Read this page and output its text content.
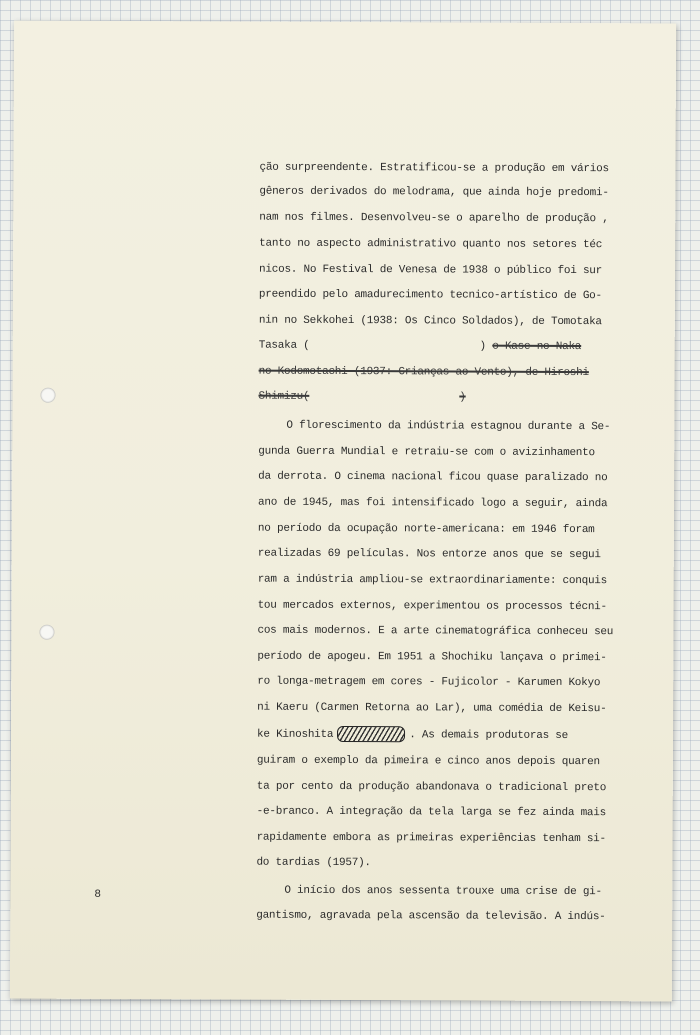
ção surpreendente. Estratificou-se a produção em vários
gêneros derivados do melodrama, que ainda hoje predomi-
nam nos filmes. Desenvolveu-se o aparelho de produção ,
tanto no aspecto administrativo quanto nos setores téc
nicos. No Festival de Venesa de 1938 o público foi sur
preendido pelo amadurecimento tecnico-artístico de Go-
nin no Sekkohei (1938: Os Cinco Soldados), de Tomotaka
Tasaka (	) o Kase no Naka
no Kodomotachi (1937: Crianças ao Vento), de Hiroshi
Shimizu(	)
O florescimento da indústria estagnou durante a Se-
gunda Guerra Mundial e retraiu-se com o avizinhamento
da derrota. O cinema nacional ficou quase paralizado no
ano de 1945, mas foi intensificado logo a seguir, ainda
no período da ocupação norte-americana: em 1946 foram
realizadas 69 películas. Nos entorze anos que se segui
ram a indústria ampliou-se extraordinariamente: conquis
tou mercados externos, experimentou os processos técni-
cos mais modernos. E a arte cinematográfica conheceu seu
período de apogeu. Em 1951 a Shochiku lançava o primei-
ro longa-metragem em cores - Fujicolor - Karumen Kokyo
ni Kaeru (Carmen Retorna ao Lar), uma comédia de Keisu-
ke Kinoshita	. As demais produtoras se
guiram o exemplo da pimeira e cinco anos depois quaren
ta por cento da produção abandonava o tradicional preto
-e-branco. A integração da tela larga se fez ainda mais
rapidamente embora as primeiras experiências tenham si-
do tardias (1957).
O início dos anos sessenta trouxe uma crise de gi-
gantismo, agravada pela ascensão da televisão. A indús-
8
